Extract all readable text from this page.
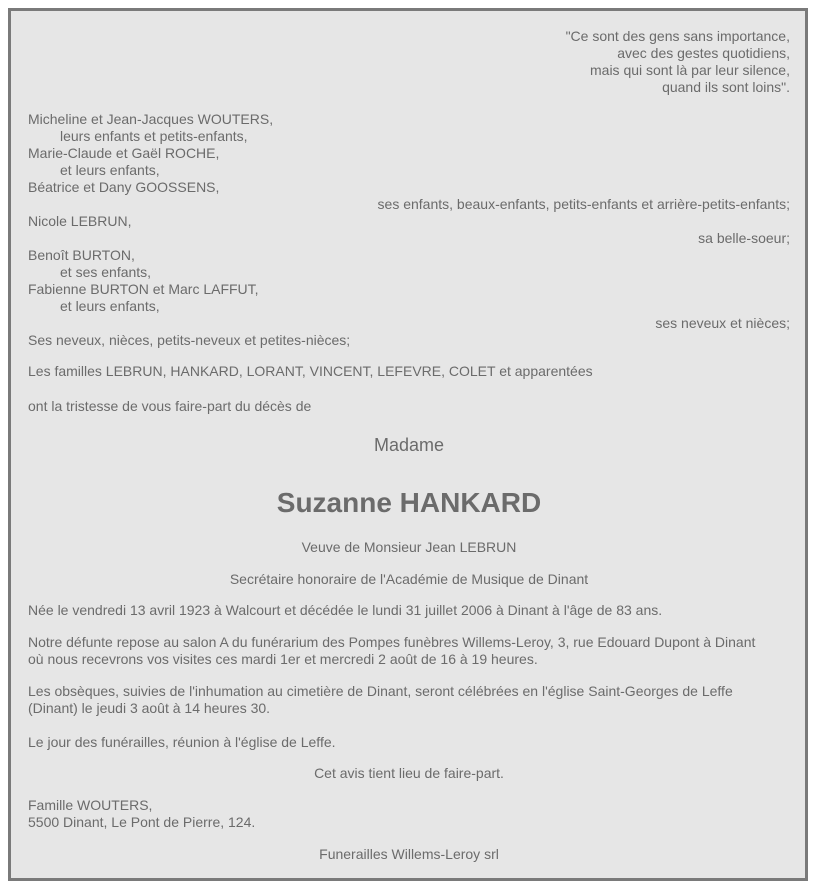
"Ce sont des gens sans importance,
avec des gestes quotidiens,
mais qui sont là par leur silence,
quand ils sont loins".
Micheline et Jean-Jacques WOUTERS,
leurs enfants et petits-enfants,
Marie-Claude et Gaël ROCHE,
et leurs enfants,
Béatrice et Dany GOOSSENS,
ses enfants, beaux-enfants, petits-enfants et arrière-petits-enfants;
Nicole LEBRUN,
sa belle-soeur;
Benoît BURTON,
et ses enfants,
Fabienne BURTON et Marc LAFFUT,
et leurs enfants,
ses neveux et nièces;
Ses neveux, nièces, petits-neveux et petites-nièces;
Les familles LEBRUN, HANKARD, LORANT, VINCENT, LEFEVRE, COLET et apparentées
ont la tristesse de vous faire-part du décès de
Madame
Suzanne HANKARD
Veuve de Monsieur Jean LEBRUN
Secrétaire honoraire de l'Académie de Musique de Dinant
Née le vendredi 13 avril 1923 à Walcourt et décédée le lundi 31 juillet 2006 à Dinant à l'âge de 83 ans.
Notre défunte repose au salon A du funérarium des Pompes funèbres Willems-Leroy, 3, rue Edouard Dupont à Dinant
où nous recevrons vos visites ces mardi 1er et mercredi 2 août de 16 à 19 heures.
Les obsèques, suivies de l'inhumation au cimetière de Dinant, seront célébrées en l'église Saint-Georges de Leffe
(Dinant) le jeudi 3 août à 14 heures 30.
Le jour des funérailles, réunion à l'église de Leffe.
Cet avis tient lieu de faire-part.
Famille WOUTERS,
5500 Dinant, Le Pont de Pierre, 124.
Funerailles Willems-Leroy srl
